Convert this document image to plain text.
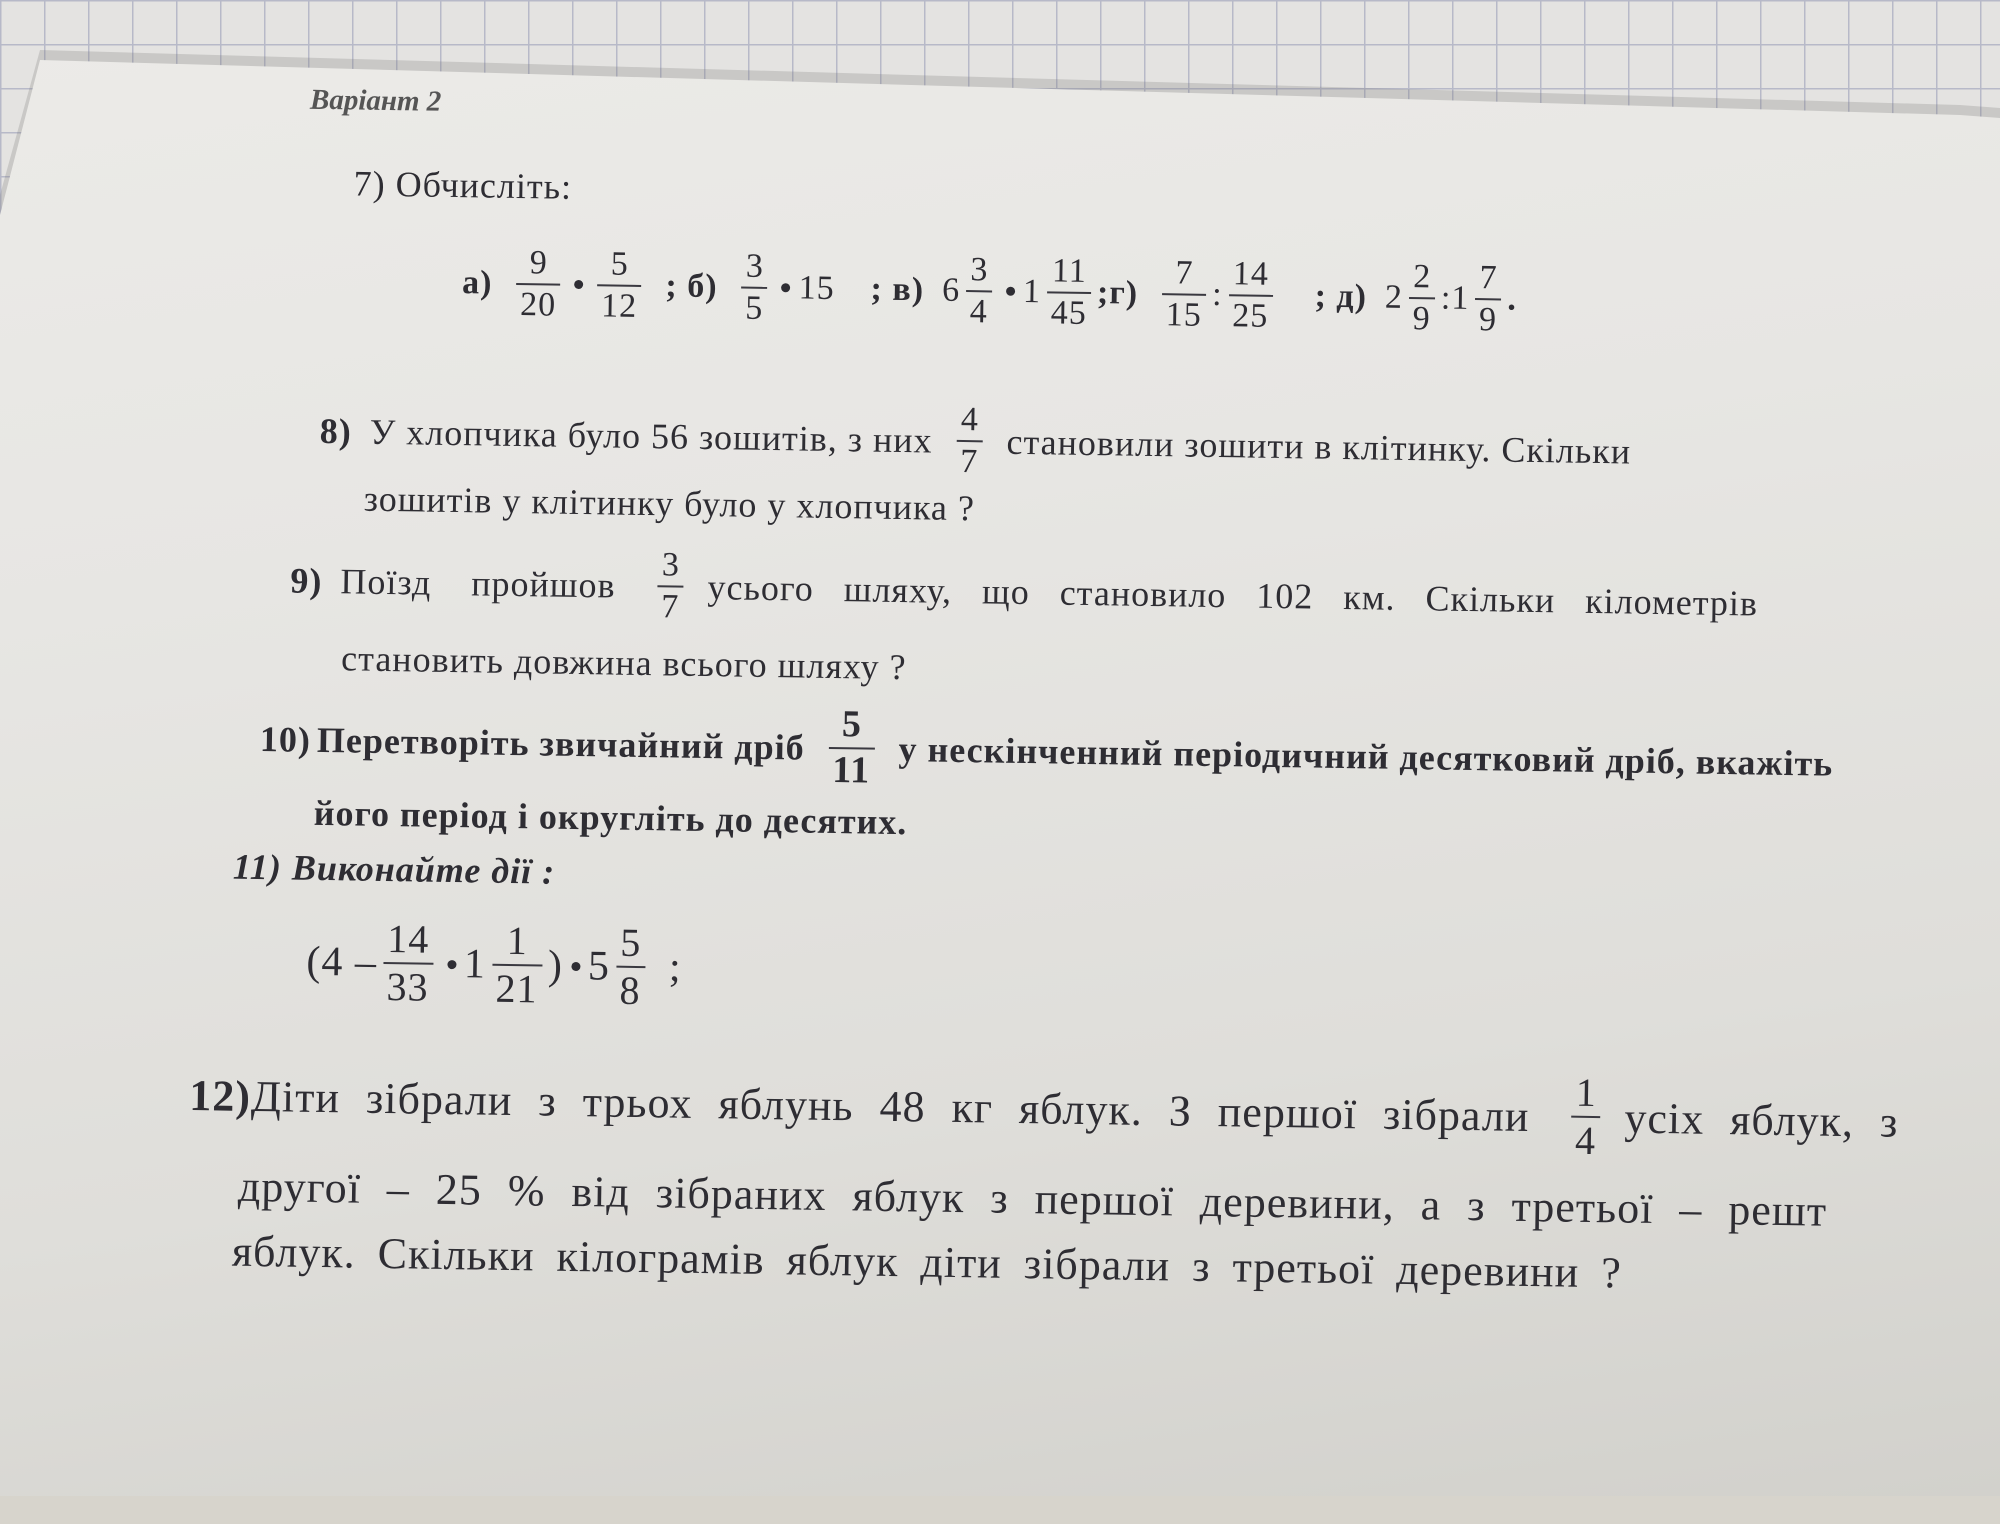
Варіант 2
7) Обчисліть:
$а) \frac{9}{20} \frac{5}{12}$ ; $б) \frac{3}{5} 15$ ; в) $6 \frac{3}{4} 1 \frac{11}{45}$ ;г) $\frac{7}{15}$ : $\frac{14}{25}$ ; д) $2 \frac{2}{9}$ :1 $\frac{7}{9}$ .
8) У хлопчика було 56 зошитів, з них $\frac{4}{7}$ становили зошити в клітинку. Скільки
зошитів у клітинку було у хлопчика ?
9) Поїзд пройшов $\frac{3}{7}$ усього шляху, що становило 102 км. Скільки кілометрів
становить довжина всього шляху ?
10) Перетворіть звичайний дріб $\frac{5}{11}$ у нескінченний періодичний десятковий дріб, вкажіть
його період і округліть до десятих.
11) Виконайте дії :
($4 - \frac{14}{33} 1 \frac{1}{21}$ ) $5 \frac{5}{8}$ ;
12) Діти зібрали з трьох яблунь 48 кг яблук. З першої зібрали $\frac{1}{4}$ усіх яблук, з
другої – 25 % від зібраних яблук з першої деревини, а з третьої – решт
яблук. Скільки кілограмів яблук діти зібрали з третьої деревини ?
